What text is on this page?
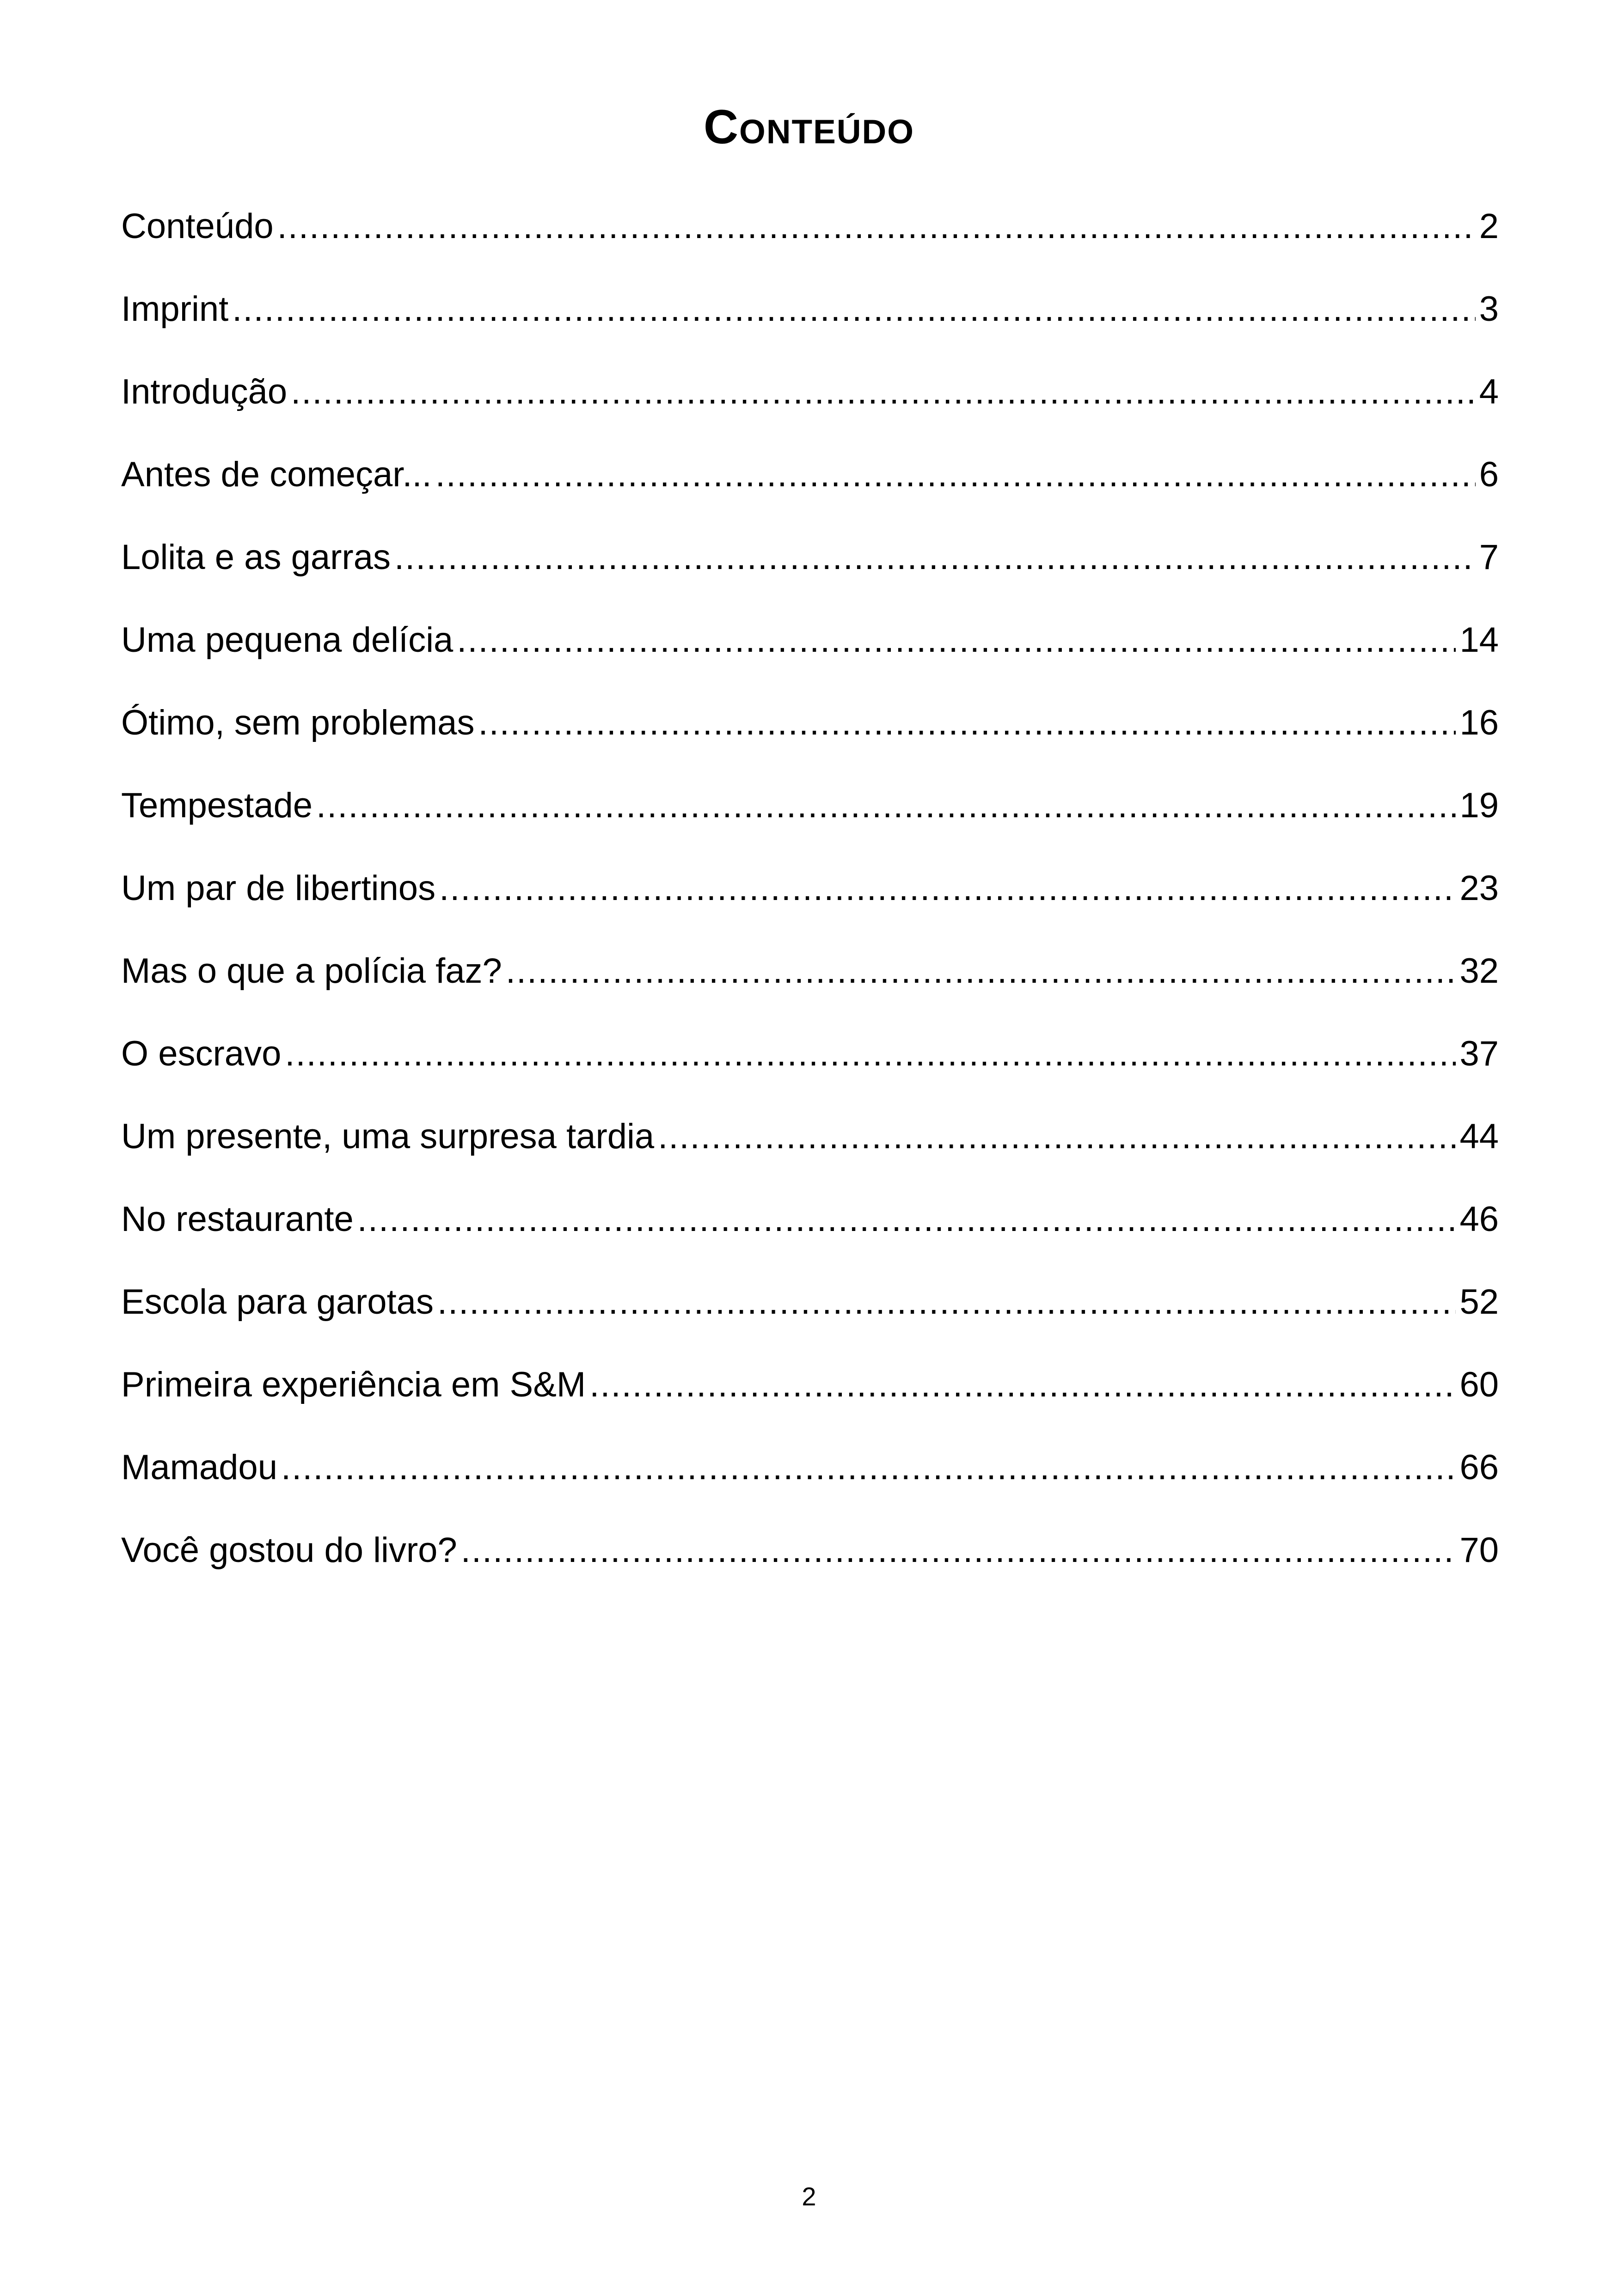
Conteúdo
Conteúdo .....	2
Imprint .....	3
Introdução .....	4
Antes de começar... .....	6
Lolita e as garras .....	7
Uma pequena delícia .....	14
Ótimo, sem problemas .....	16
Tempestade .....	19
Um par de libertinos .....	23
Mas o que a polícia faz? .....	32
O escravo .....	37
Um presente, uma surpresa tardia .....	44
No restaurante .....	46
Escola para garotas .....	52
Primeira experiência em S&M .....	60
Mamadou .....	66
Você gostou do livro? .....	70
2
